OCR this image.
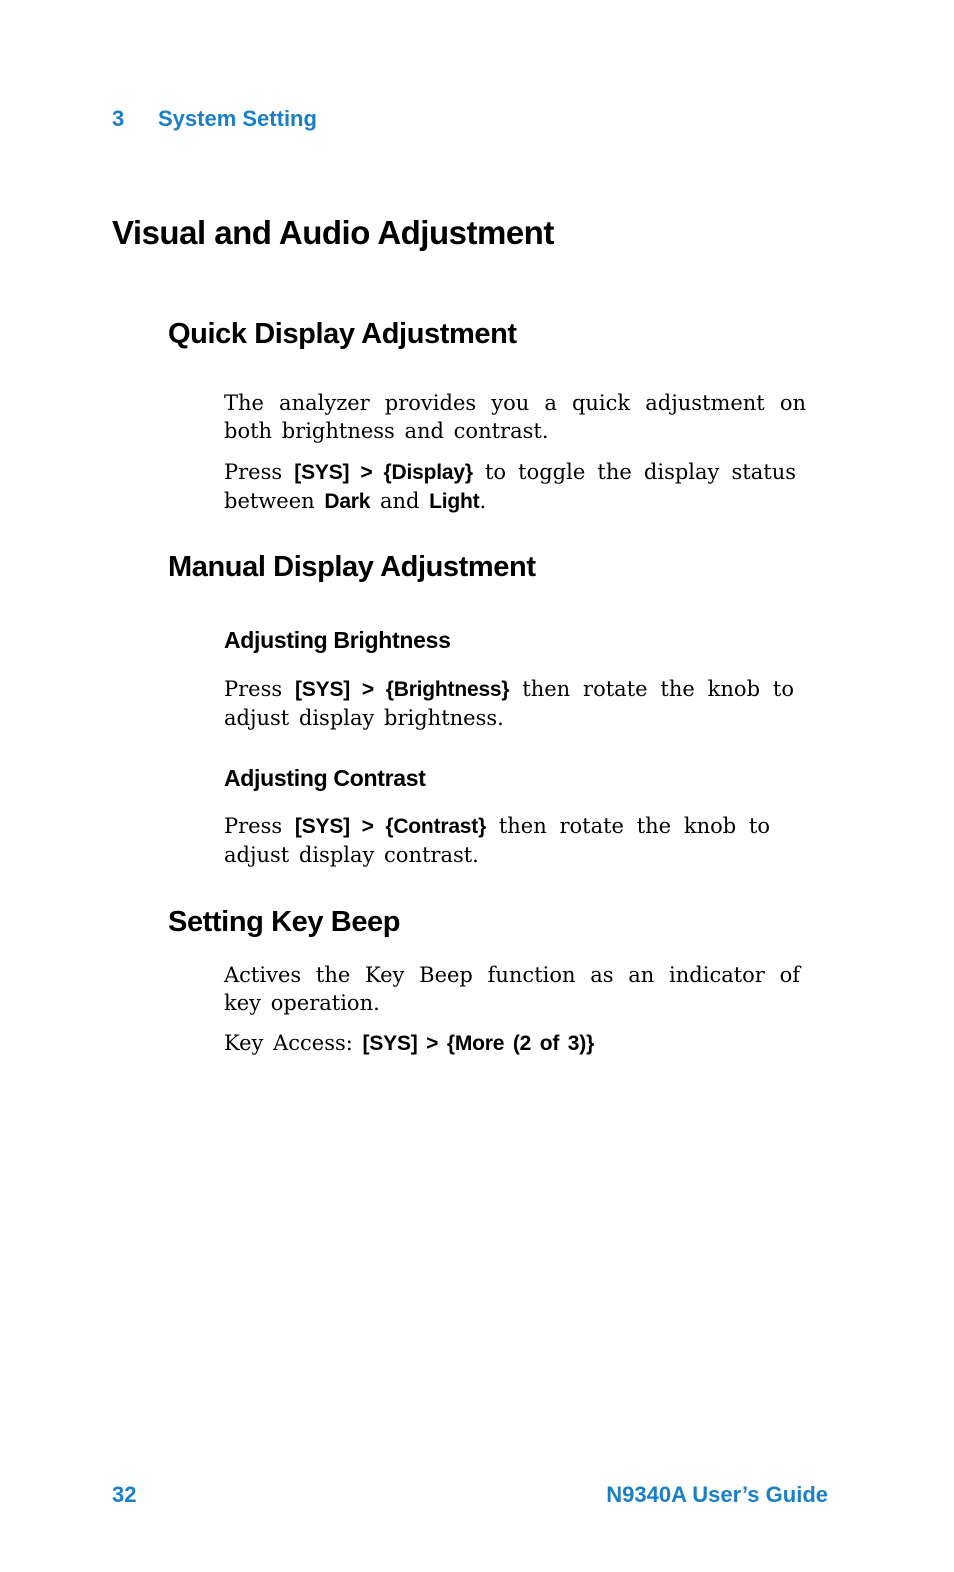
3 System Setting
Visual and Audio Adjustment
Quick Display Adjustment
The analyzer provides you a quick adjustment on
both brightness and contrast.
Press [SYS] > {Display} to toggle the display status
between Dark and Light.
Manual Display Adjustment
Adjusting Brightness
Press [SYS] > {Brightness} then rotate the knob to
adjust display brightness.
Adjusting Contrast
Press [SYS] > {Contrast} then rotate the knob to
adjust display contrast.
Setting Key Beep
Actives the Key Beep function as an indicator of
key operation.
Key Access: [SYS] > {More (2 of 3)}
32	N9340A User’s Guide
